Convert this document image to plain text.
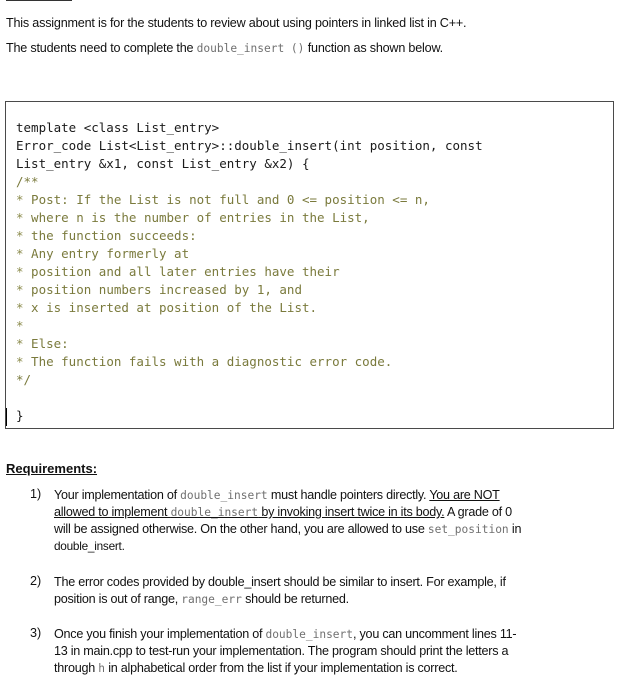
This assignment is for the students to review about using pointers in linked list in C++.
The students need to complete the double_insert () function as shown below.
template <class List_entry>
Error_code List<List_entry>::double_insert(int position, const
List_entry &x1, const List_entry &x2) {
/**
* Post: If the List is not full and 0 <= position <= n,
* where n is the number of entries in the List,
* the function succeeds:
* Any entry formerly at
* position and all later entries have their
* position numbers increased by 1, and
* x is inserted at position of the List.
*
* Else:
* The function fails with a diagnostic error code.
*/
}
Requirements:
1) Your implementation of double_insert must handle pointers directly. You are NOT
allowed to implement double_insert by invoking insert twice in its body. A grade of 0
will be assigned otherwise. On the other hand, you are allowed to use set_position in
double_insert.
2) The error codes provided by double_insert should be similar to insert. For example, if
position is out of range, range_err should be returned.
3) Once you finish your implementation of double_insert, you can uncomment lines 11-
13 in main.cpp to test-run your implementation. The program should print the letters a
through h in alphabetical order from the list if your implementation is correct.
